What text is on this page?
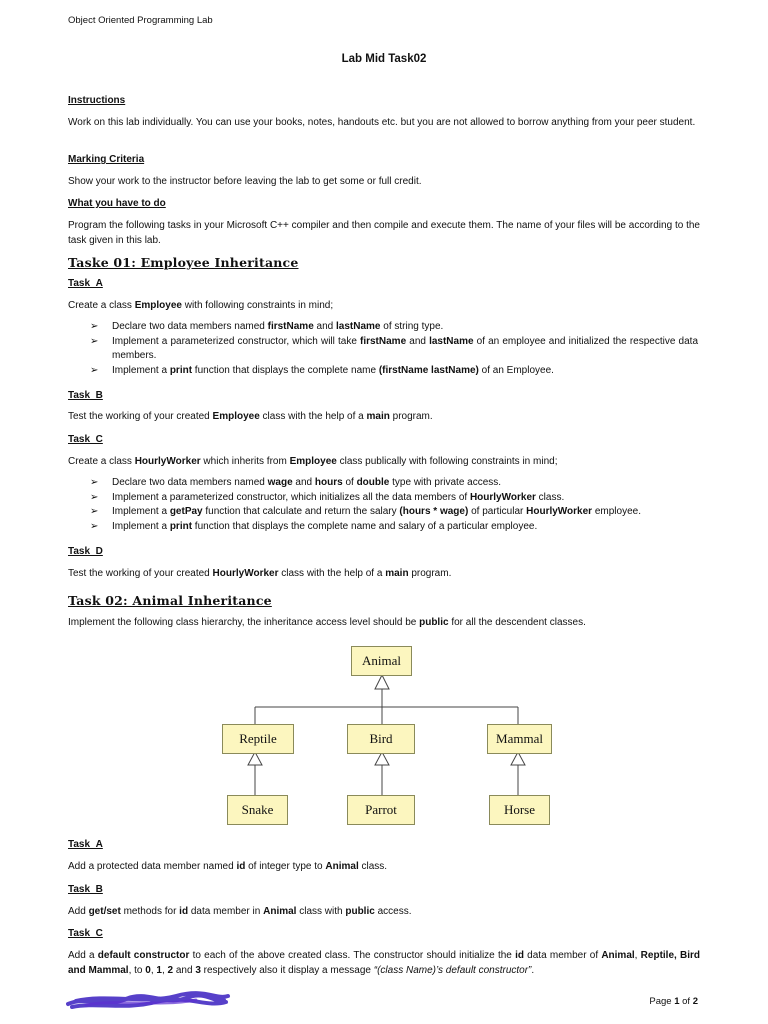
Object Oriented Programming Lab
Lab Mid Task02
Instructions
Work on this lab individually. You can use your books, notes, handouts etc. but you are not allowed to borrow anything from your peer student.
Marking Criteria
Show your work to the instructor before leaving the lab to get some or full credit.
What you have to do
Program the following tasks in your Microsoft C++ compiler and then compile and execute them. The name of your files will be according to the task given in this lab.
Taske 01: Employee Inheritance
Task_A
Create a class Employee with following constraints in mind;
➢ Declare two data members named firstName and lastName of string type.
➢ Implement a parameterized constructor, which will take firstName and lastName of an employee and initialized the respective data members.
➢ Implement a print function that displays the complete name (firstName lastName) of an Employee.
Task_B
Test the working of your created Employee class with the help of a main program.
Task_C
Create a class HourlyWorker which inherits from Employee class publically with following constraints in mind;
➢ Declare two data members named wage and hours of double type with private access.
➢ Implement a parameterized constructor, which initializes all the data members of HourlyWorker class.
➢ Implement a getPay function that calculate and return the salary (hours * wage) of particular HourlyWorker employee.
➢ Implement a print function that displays the complete name and salary of a particular employee.
Task_D
Test the working of your created HourlyWorker class with the help of a main program.
Task 02: Animal Inheritance
Implement the following class hierarchy, the inheritance access level should be public for all the descendent classes.
Animal
Reptile	Bird	Mammal
Snake	Parrot	Horse
Task_A
Add a protected data member named id of integer type to Animal class.
Task_B
Add get/set methods for id data member in Animal class with public access.
Task_C
Add a default constructor to each of the above created class. The constructor should initialize the id data member of Animal, Reptile, Bird and Mammal, to 0, 1, 2 and 3 respectively also it display a message “(class Name)’s default constructor”.
Page 1 of 2
